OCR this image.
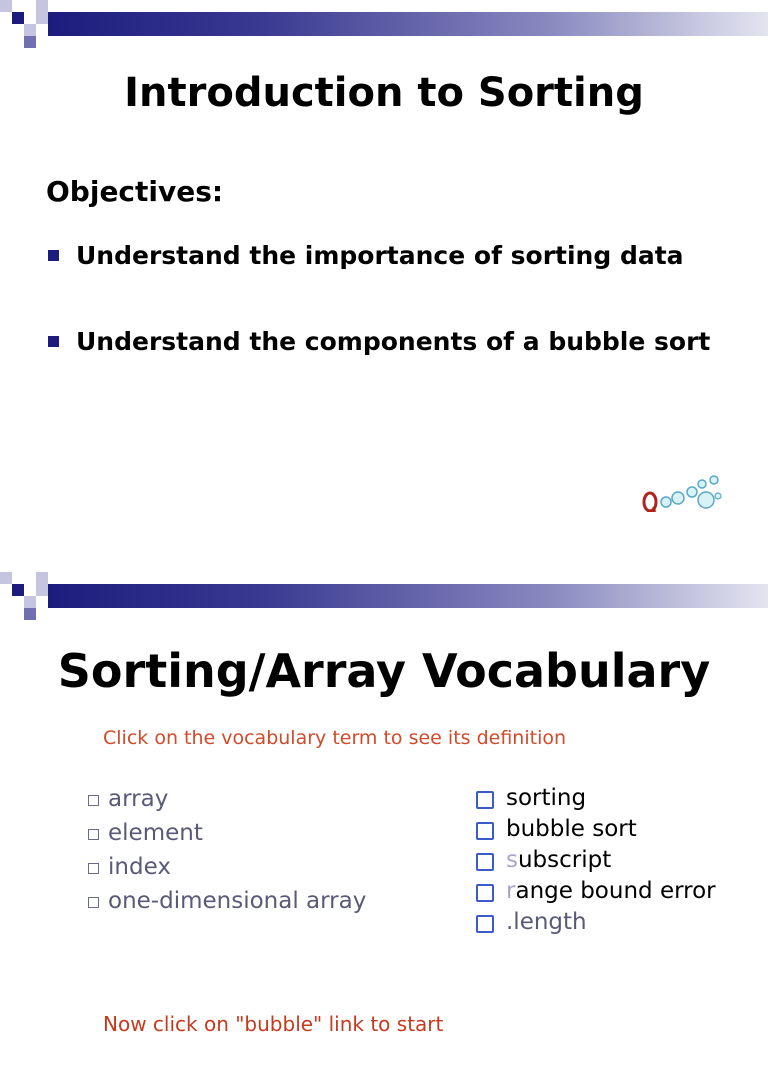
Introduction to Sorting
Objectives:
Understand the importance of sorting data
Understand the components of a bubble sort
Sorting/Array Vocabulary
Click on the vocabulary term to see its definition
array
element
index
one-dimensional array
sorting
bubble sort
subscript
range bound error
.length
Now click on "bubble" link to start
